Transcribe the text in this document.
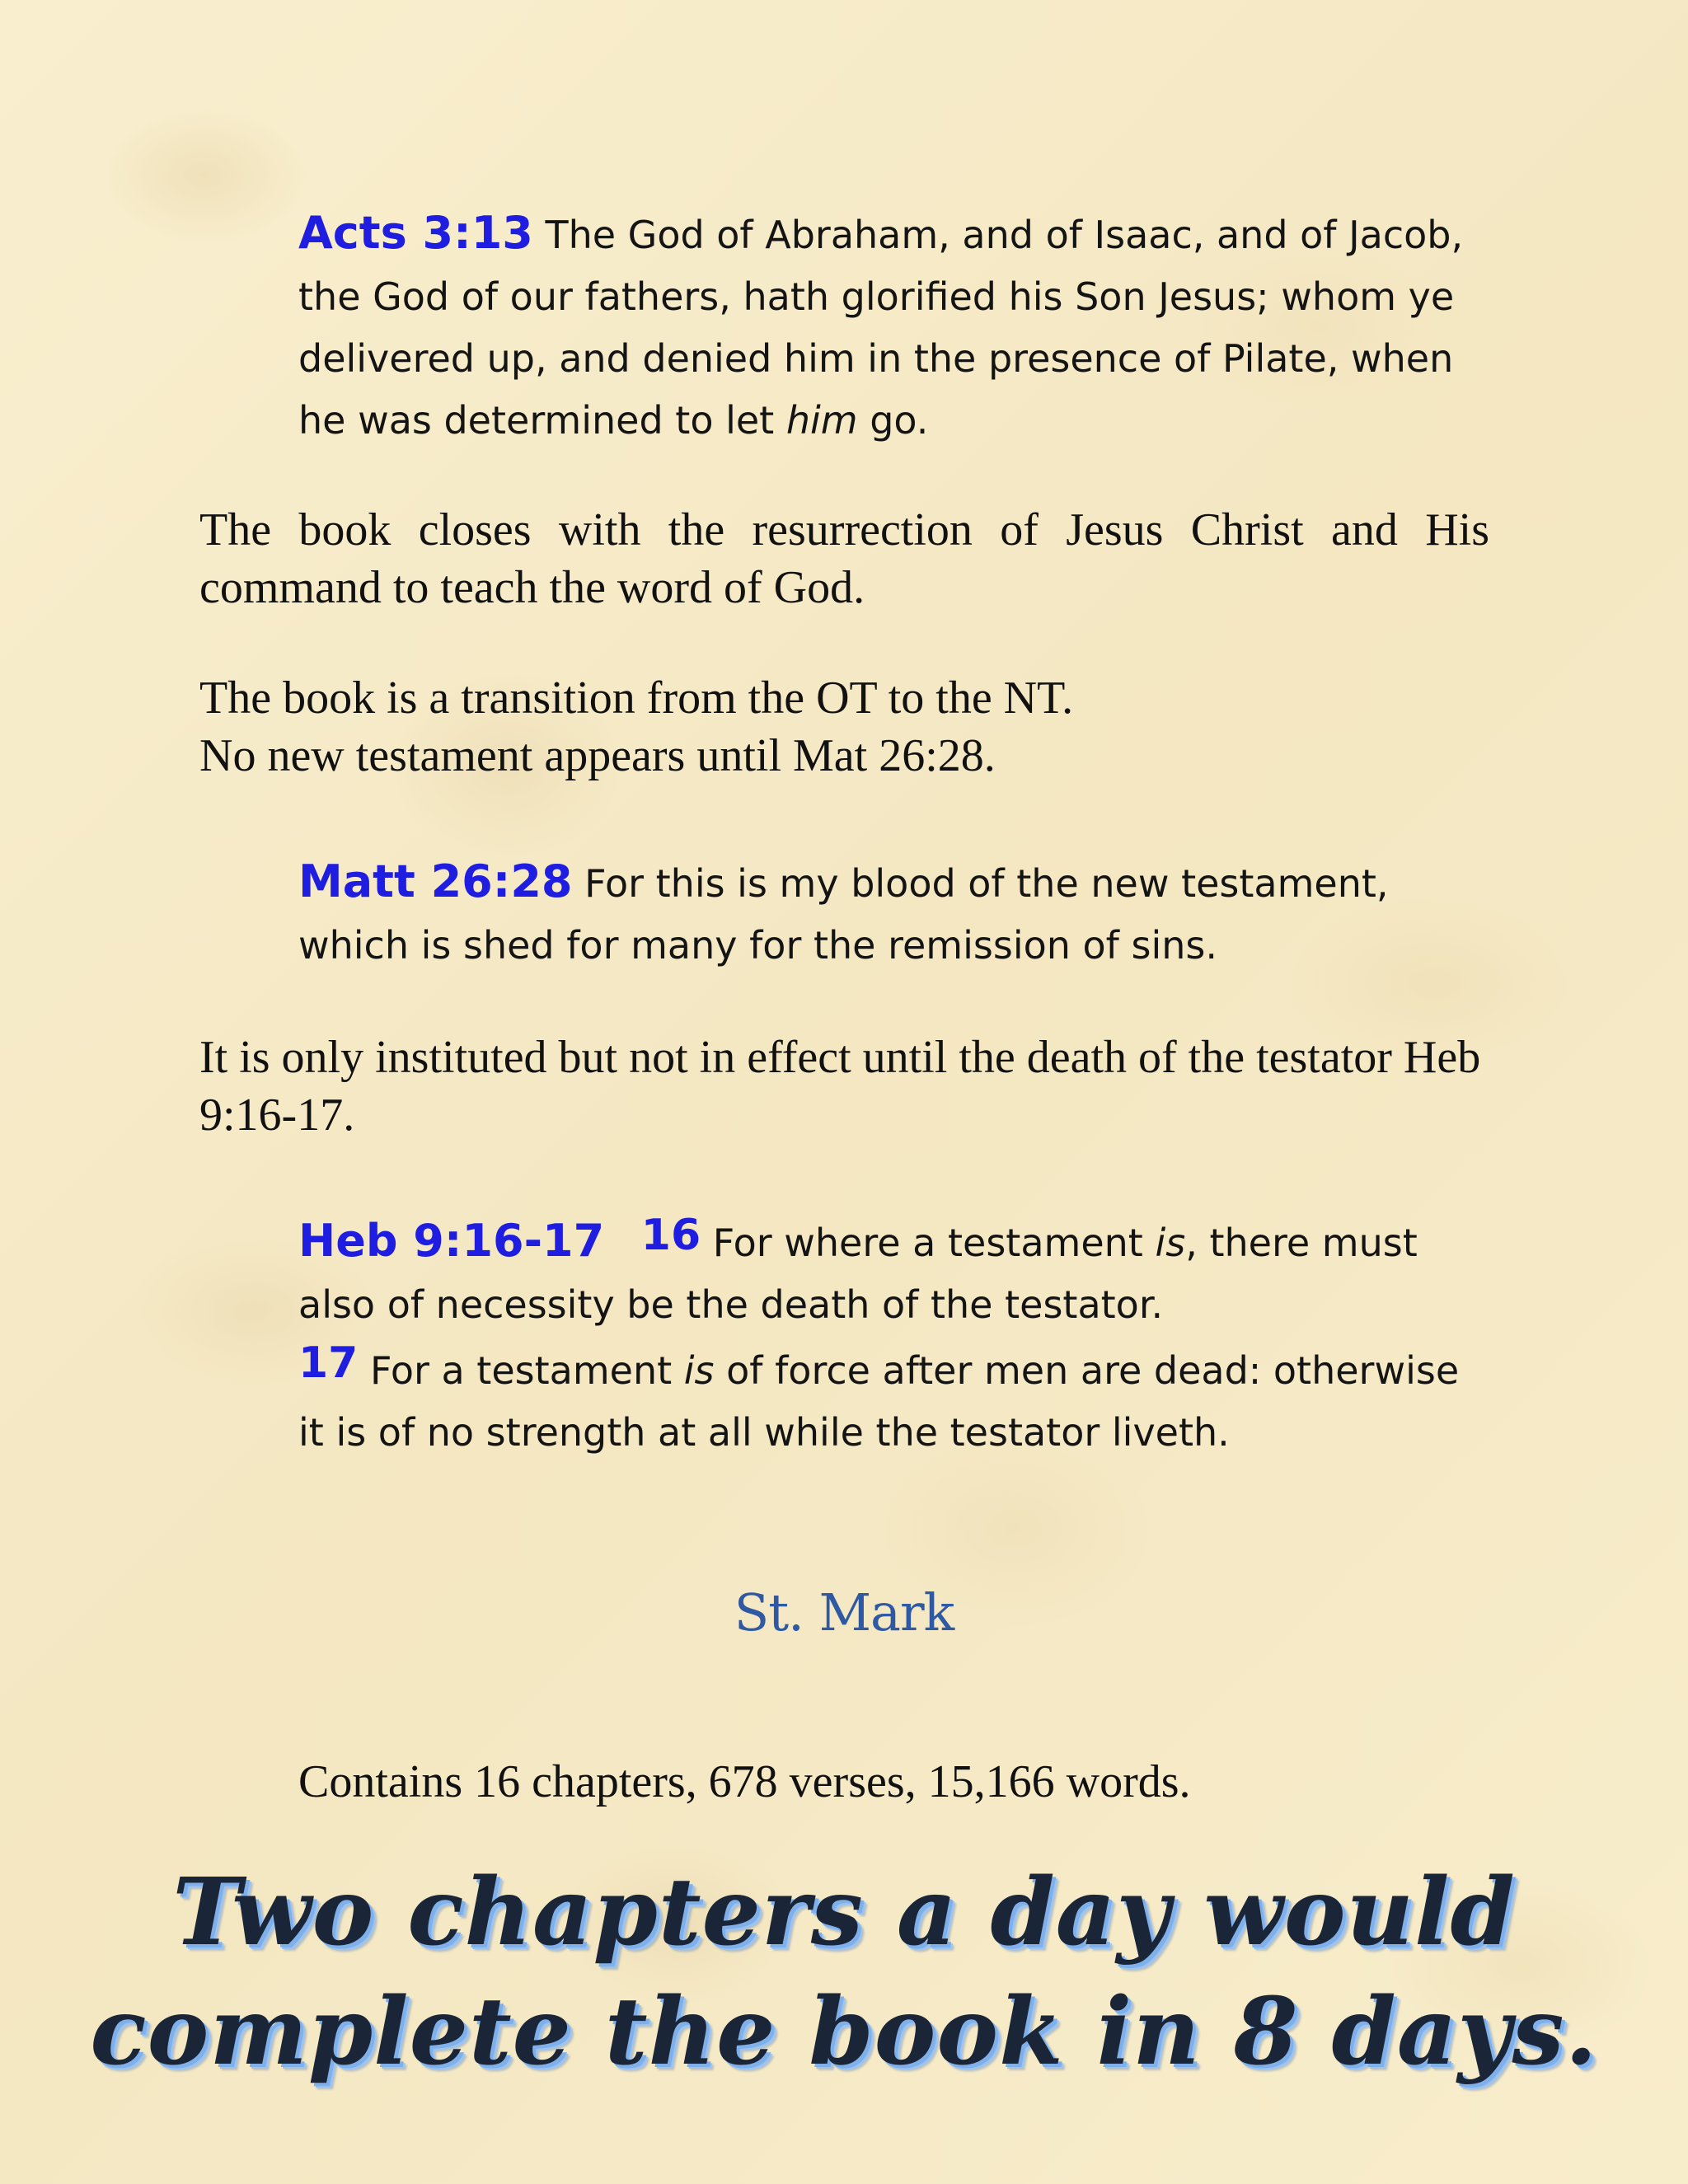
Acts 3:13 The God of Abraham, and of Isaac, and of Jacob, the God of our fathers, hath glorified his Son Jesus; whom ye delivered up, and denied him in the presence of Pilate, when he was determined to let him go.
The book closes with the resurrection of Jesus Christ and His command to teach the word of God.
The book is a transition from the OT to the NT.
No new testament appears until Mat 26:28.
Matt 26:28 For this is my blood of the new testament, which is shed for many for the remission of sins.
It is only instituted but not in effect until the death of the testator Heb 9:16-17.
Heb 9:16-17 16 For where a testament is, there must also of necessity be the death of the testator.
17 For a testament is of force after men are dead: otherwise it is of no strength at all while the testator liveth.
St. Mark
Contains 16 chapters, 678 verses, 15,166 words.
Two chapters a day would
complete the book in 8 days.
